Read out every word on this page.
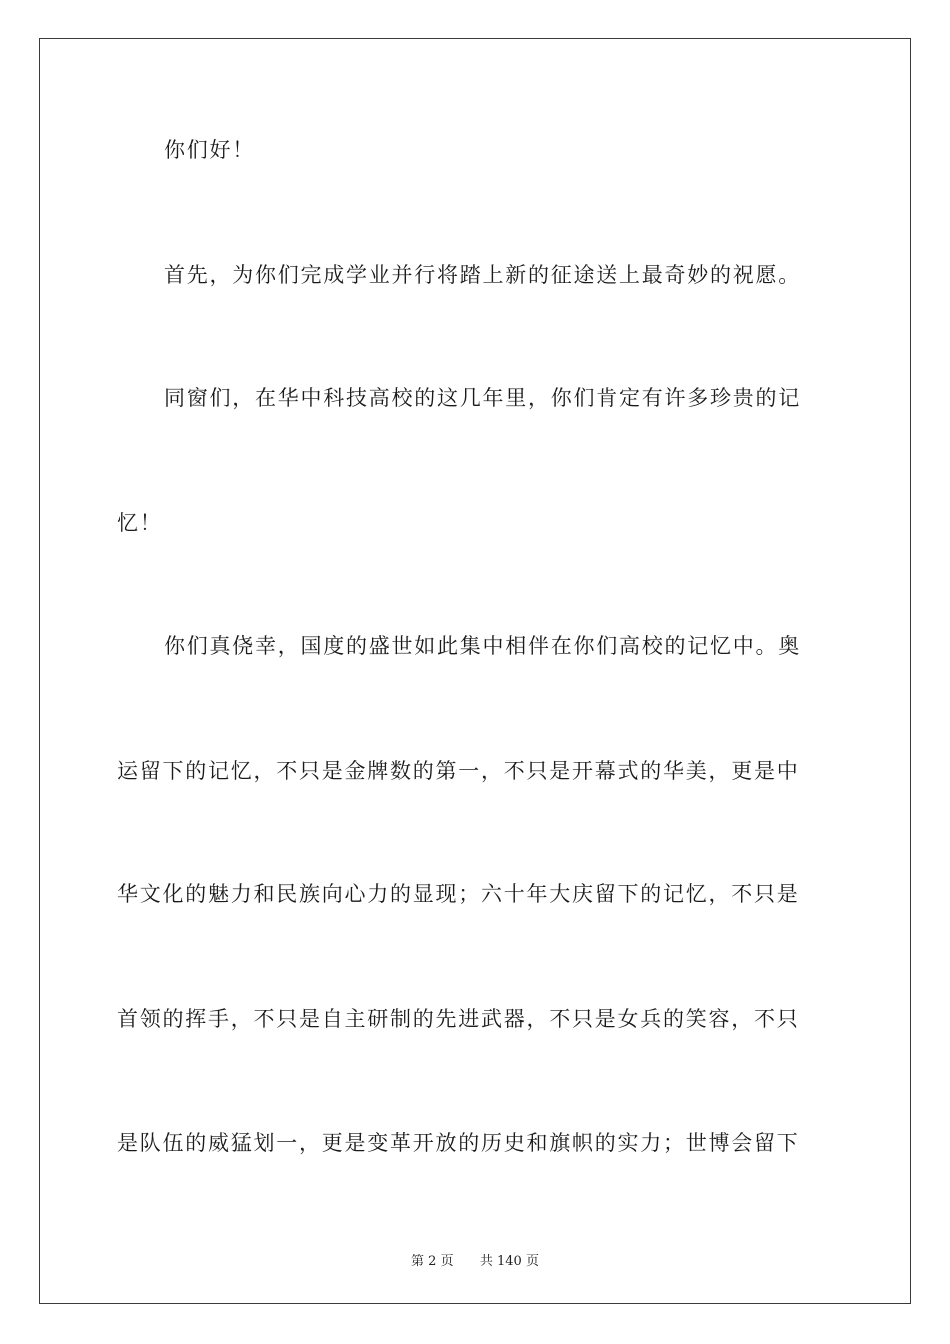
你们好！

首先，为你们完成学业并行将踏上新的征途送上最奇妙的祝愿。

同窗们，在华中科技高校的这几年里，你们肯定有许多珍贵的记

忆！

你们真侥幸，国度的盛世如此集中相伴在你们高校的记忆中。奥

运留下的记忆，不只是金牌数的第一，不只是开幕式的华美，更是中

华文化的魅力和民族向心力的显现；六十年大庆留下的记忆，不只是

首领的挥手，不只是自主研制的先进武器，不只是女兵的笑容，不只

是队伍的威猛划一，更是变革开放的历史和旗帜的实力；世博会留下

第 2 页 共 140 页
